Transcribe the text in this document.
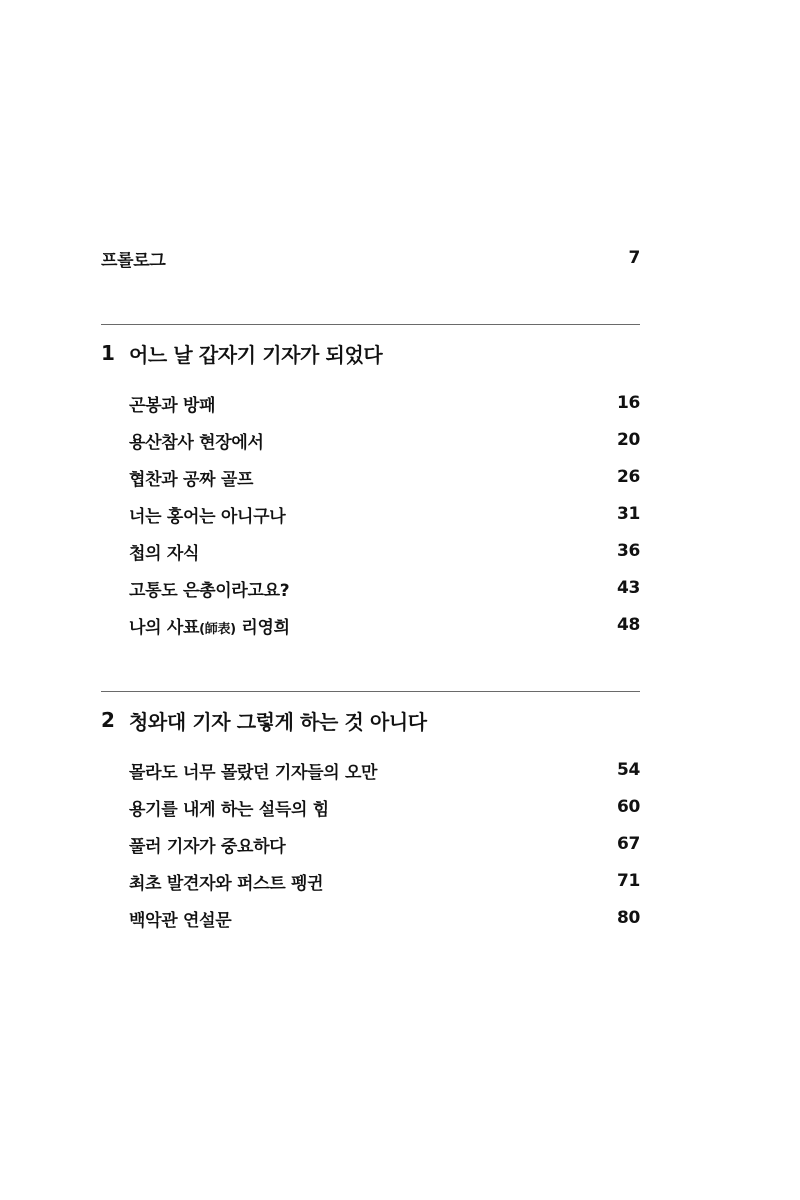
프롤로그	7
1 어느 날 갑자기 기자가 되었다
곤봉과 방패	16
용산참사 현장에서	20
협찬과 공짜 골프	26
너는 홍어는 아니구나	31
첩의 자식	36
고통도 은총이라고요?	43
나의 사표(師表) 리영희	48
2 청와대 기자 그렇게 하는 것 아니다
몰라도 너무 몰랐던 기자들의 오만	54
용기를 내게 하는 설득의 힘	60
풀러 기자가 중요하다	67
최초 발견자와 퍼스트 펭귄	71
백악관 연설문	80
